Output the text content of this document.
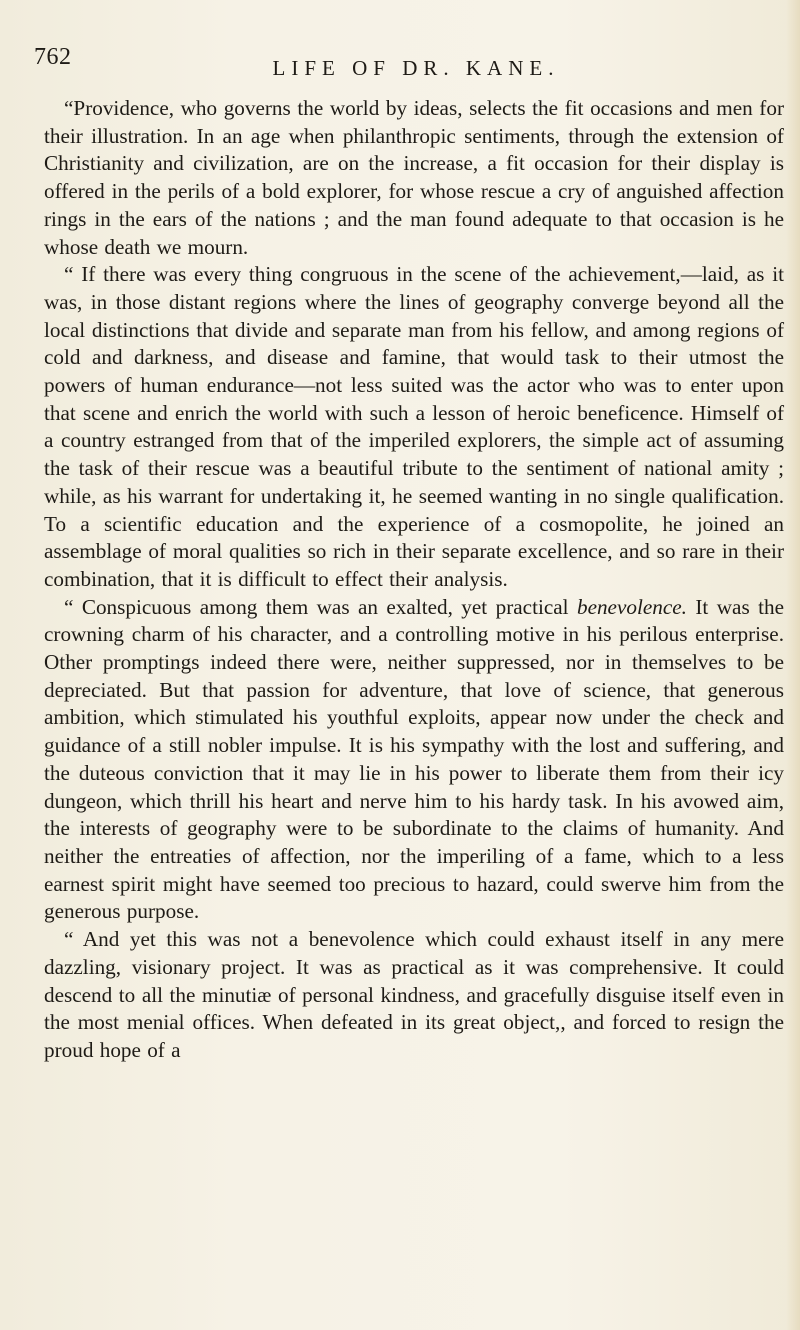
762	LIFE OF DR. KANE.

“Providence, who governs the world by ideas, selects the fit occasions and men for their illustration. In an age when philanthropic sentiments, through the extension of Christianity and civilization, are on the increase, a fit occasion for their display is offered in the perils of a bold explorer, for whose rescue a cry of anguished affection rings in the ears of the nations ; and the man found adequate to that occasion is he whose death we mourn.

“ If there was every thing congruous in the scene of the achievement,—laid, as it was, in those distant regions where the lines of geography converge beyond all the local distinctions that divide and separate man from his fellow, and among regions of cold and darkness, and disease and famine, that would task to their utmost the powers of human endurance—not less suited was the actor who was to enter upon that scene and enrich the world with such a lesson of heroic beneficence. Himself of a country estranged from that of the imperiled explorers, the simple act of assuming the task of their rescue was a beautiful tribute to the sentiment of national amity ; while, as his warrant for undertaking it, he seemed wanting in no single qualification. To a scientific education and the experience of a cosmopolite, he joined an assemblage of moral qualities so rich in their separate excellence, and so rare in their combination, that it is difficult to effect their analysis.

“ Conspicuous among them was an exalted, yet practical benevolence. It was the crowning charm of his character, and a controlling motive in his perilous enterprise. Other promptings indeed there were, neither suppressed, nor in themselves to be depreciated. But that passion for adventure, that love of science, that generous ambition, which stimulated his youthful exploits, appear now under the check and guidance of a still nobler impulse. It is his sympathy with the lost and suffering, and the duteous conviction that it may lie in his power to liberate them from their icy dungeon, which thrill his heart and nerve him to his hardy task. In his avowed aim, the interests of geography were to be subordinate to the claims of humanity. And neither the entreaties of affection, nor the imperiling of a fame, which to a less earnest spirit might have seemed too precious to hazard, could swerve him from the generous purpose.

“ And yet this was not a benevolence which could exhaust itself in any mere dazzling, visionary project. It was as practical as it was comprehensive. It could descend to all the minutiæ of personal kindness, and gracefully disguise itself even in the most menial offices. When defeated in its great object,, and forced to resign the proud hope of a
